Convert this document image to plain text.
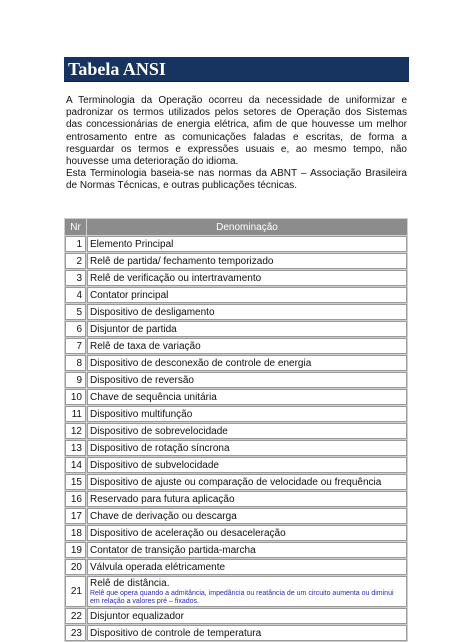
Tabela ANSI

A Terminologia da Operação ocorreu da necessidade de uniformizar e padronizar os termos utilizados pelos setores de Operação dos Sistemas das concessionárias de energia elétrica, afim de que houvesse um melhor entrosamento entre as comunicações faladas e escritas, de forma a resguardar os termos e expressões usuais e, ao mesmo tempo, não houvesse uma deterioração do idioma.

Esta Terminologia baseia-se nas normas da ABNT – Associação Brasileira de Normas Técnicas, e outras publicações técnicas.

Nr	Denominação
1	Elemento Principal
2	Relê de partida/ fechamento temporizado
3	Relê de verificação ou intertravamento
4	Contator principal
5	Dispositivo de desligamento
6	Disjuntor de partida
7	Relê de taxa de variação
8	Dispositivo de desconexão de controle de energia
9	Dispositivo de reversão
10	Chave de sequência unitária
11	Dispositivo multifunção
12	Dispositivo de sobrevelocidade
13	Dispositivo de rotação síncrona
14	Dispositivo de subvelocidade
15	Dispositivo de ajuste ou comparação de velocidade ou frequência
16	Reservado para futura aplicação
17	Chave de derivação ou descarga
18	Dispositivo de aceleração ou desaceleração
19	Contator de transição partida-marcha
20	Válvula operada elétricamente
21	Relê de distância.
Relê que opera quando a admitância, impedância ou reatância de um circuito aumenta ou diminui em relação a valores pré – fixados.

22	Disjuntor equalizador
23	Dispositivo de controle de temperatura
